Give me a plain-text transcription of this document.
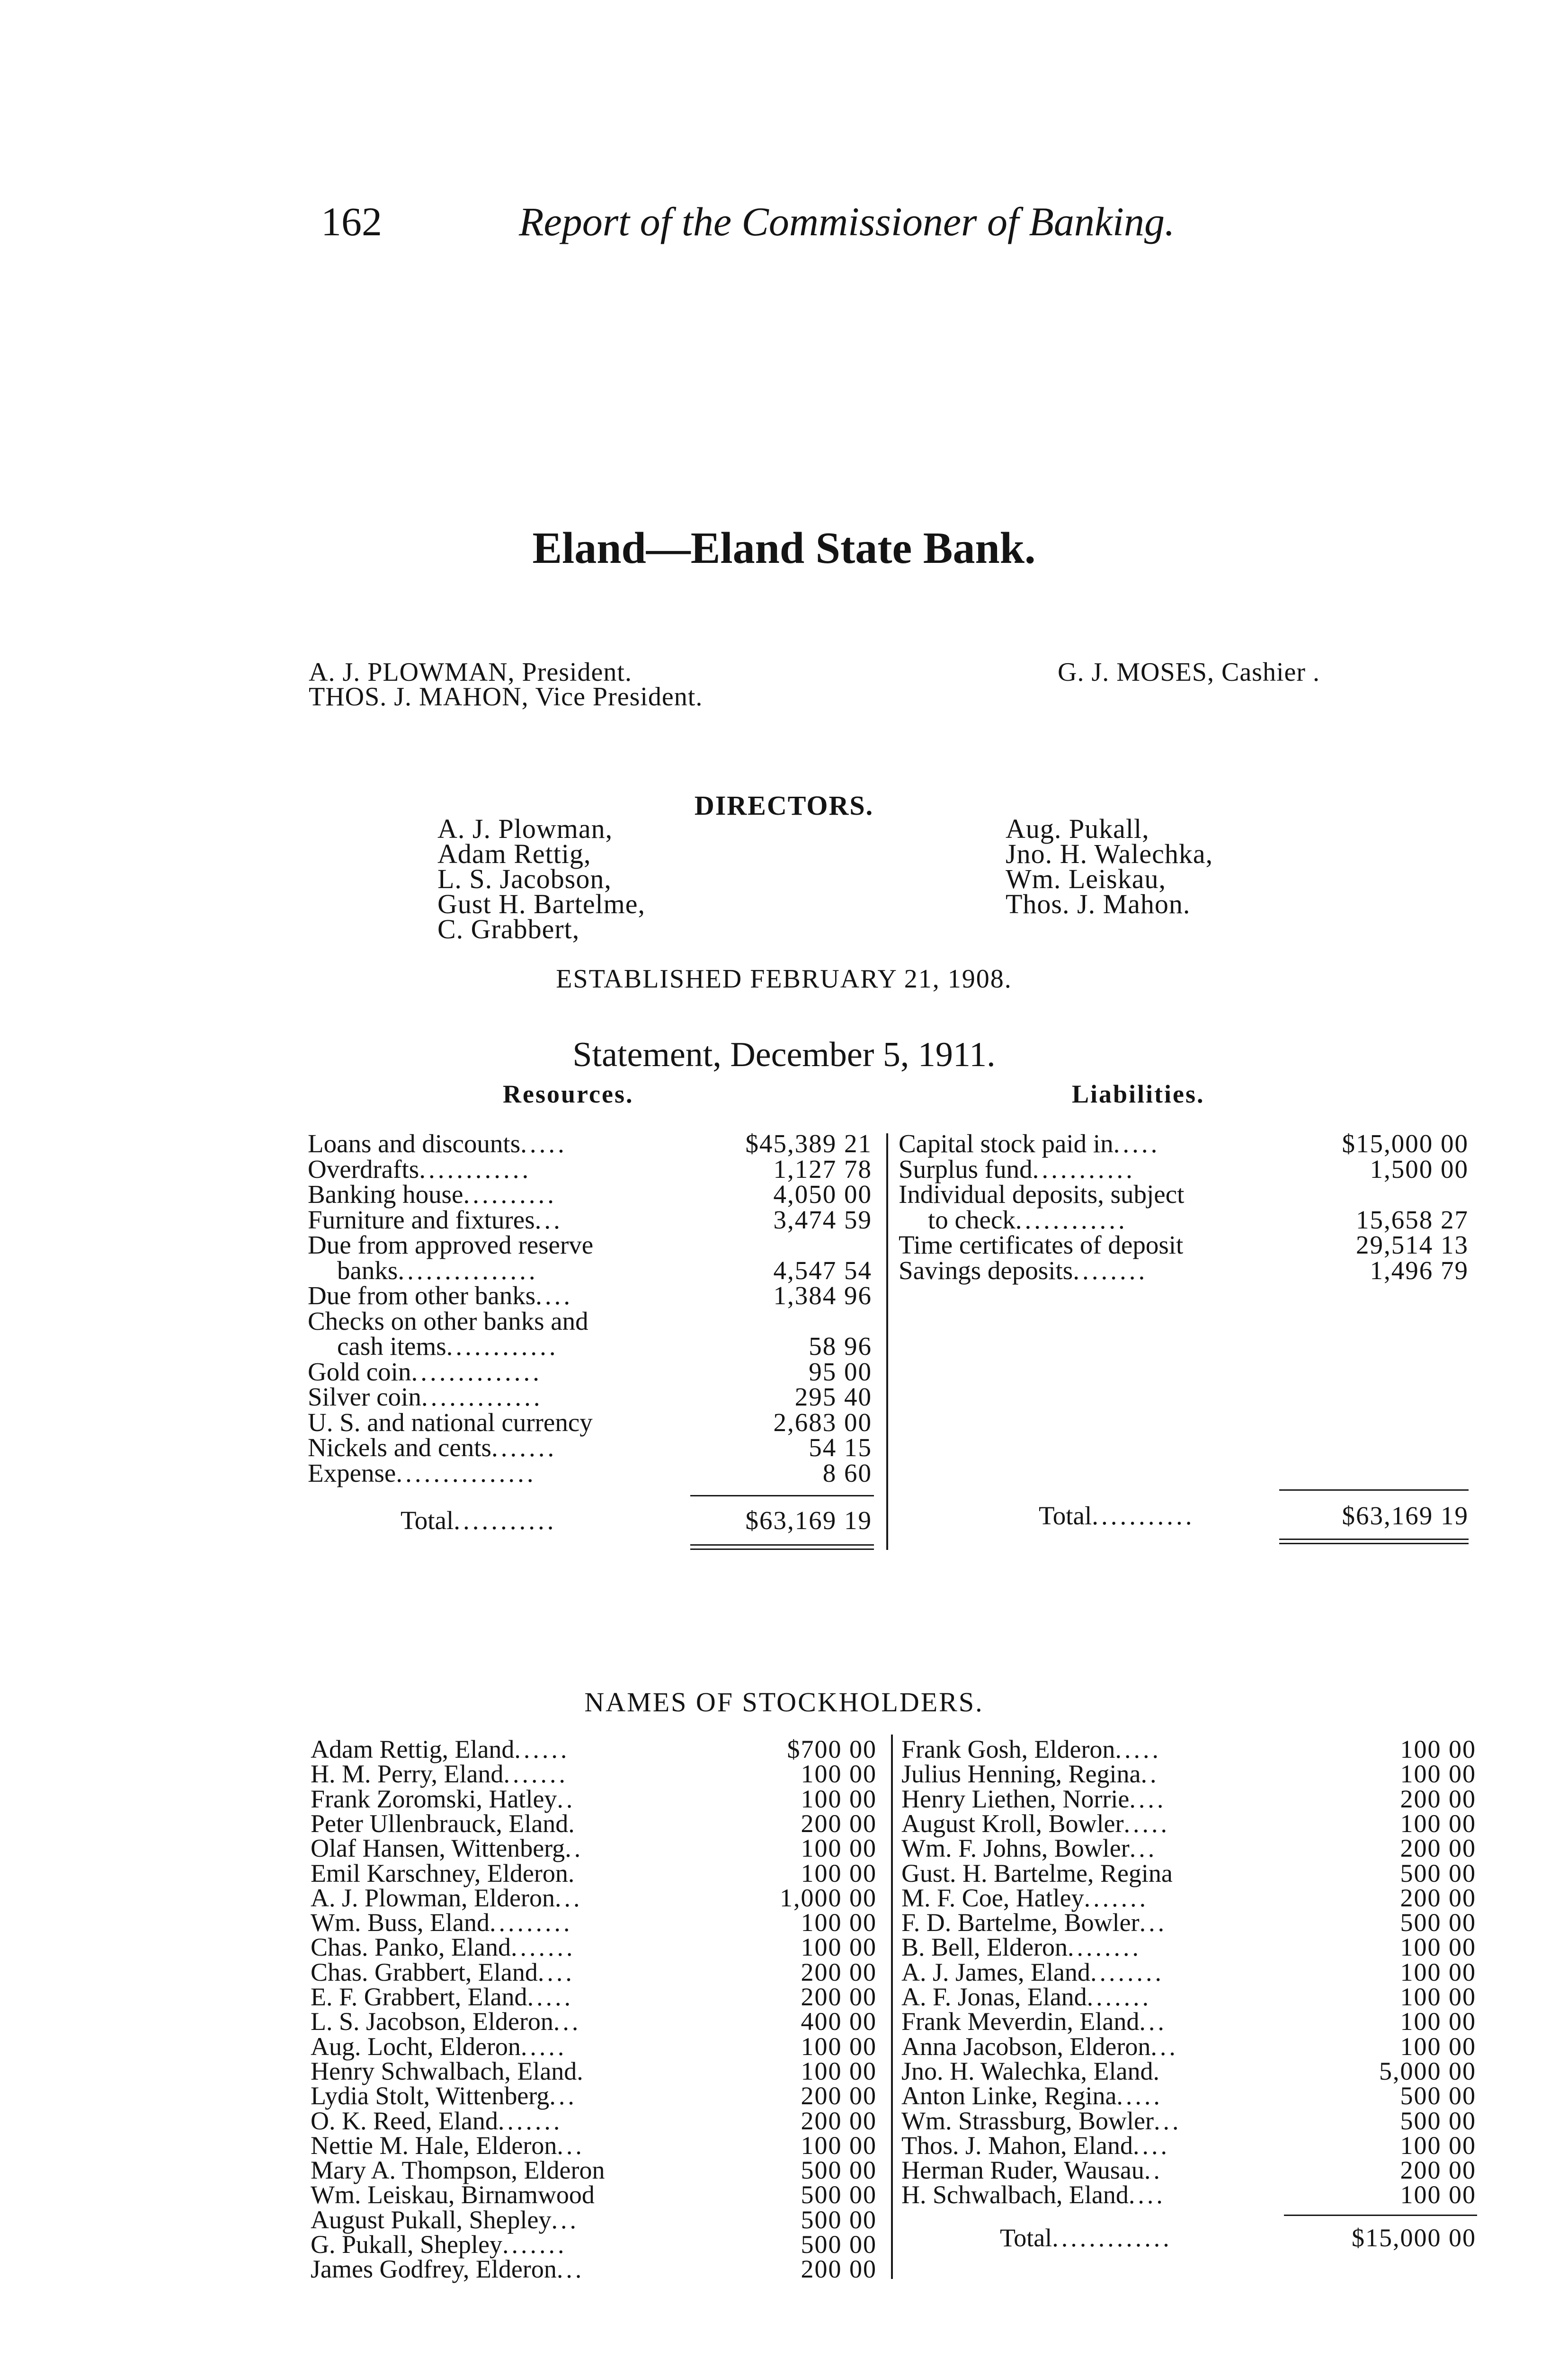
162	Report of the Commissioner of Banking.
Eland—Eland State Bank.
A. J. PLOWMAN, President.
THOS. J. MAHON, Vice President.
G. J. MOSES, Cashier .
DIRECTORS.
A. J. Plowman,
Adam Rettig,
L. S. Jacobson,
Gust H. Bartelme,
C. Grabbert,
Aug. Pukall,
Jno. H. Walechka,
Wm. Leiskau,
Thos. J. Mahon.
ESTABLISHED FEBRUARY 21, 1908.
Statement, December 5, 1911.
Resources.	Liabilities.
Loans and discounts.....	$45,389 21
Overdrafts............	1,127 78
Banking house..........	4,050 00
Furniture and fixtures...	3,474 59
Due from approved reserve
banks...............	4,547 54
Due from other banks....	1,384 96
Checks on other banks and
cash items............	58 96
Gold coin..............	95 00
Silver coin.............	295 40
U. S. and national currency	2,683 00
Nickels and cents.......	54 15
Expense...............	8 60
Total...........	$63,169 19
Capital stock paid in.....	$15,000 00
Surplus fund...........	1,500 00
Individual deposits, subject
to check............	15,658 27
Time certificates of deposit	29,514 13
Savings deposits........	1,496 79
Total...........	$63,169 19
NAMES OF STOCKHOLDERS.
Adam Rettig, Eland......	$700 00
H. M. Perry, Eland.......	100 00
Frank Zoromski, Hatley..	100 00
Peter Ullenbrauck, Eland.	200 00
Olaf Hansen, Wittenberg..	100 00
Emil Karschney, Elderon.	100 00
A. J. Plowman, Elderon...	1,000 00
Wm. Buss, Eland.........	100 00
Chas. Panko, Eland.......	100 00
Chas. Grabbert, Eland....	200 00
E. F. Grabbert, Eland.....	200 00
L. S. Jacobson, Elderon...	400 00
Aug. Locht, Elderon.....	100 00
Henry Schwalbach, Eland.	100 00
Lydia Stolt, Wittenberg...	200 00
O. K. Reed, Eland.......	200 00
Nettie M. Hale, Elderon...	100 00
Mary A. Thompson, Elderon	500 00
Wm. Leiskau, Birnamwood	500 00
August Pukall, Shepley...	500 00
G. Pukall, Shepley.......	500 00
James Godfrey, Elderon...	200 00
Frank Gosh, Elderon.....	100 00
Julius Henning, Regina..	100 00
Henry Liethen, Norrie....	200 00
August Kroll, Bowler.....	100 00
Wm. F. Johns, Bowler...	200 00
Gust. H. Bartelme, Regina	500 00
M. F. Coe, Hatley.......	200 00
F. D. Bartelme, Bowler...	500 00
B. Bell, Elderon........	100 00
A. J. James, Eland........	100 00
A. F. Jonas, Eland.......	100 00
Frank Meverdin, Eland...	100 00
Anna Jacobson, Elderon...	100 00
Jno. H. Walechka, Eland.	5,000 00
Anton Linke, Regina.....	500 00
Wm. Strassburg, Bowler...	500 00
Thos. J. Mahon, Eland....	100 00
Herman Ruder, Wausau..	200 00
H. Schwalbach, Eland....	100 00
Total.............	$15,000 00
